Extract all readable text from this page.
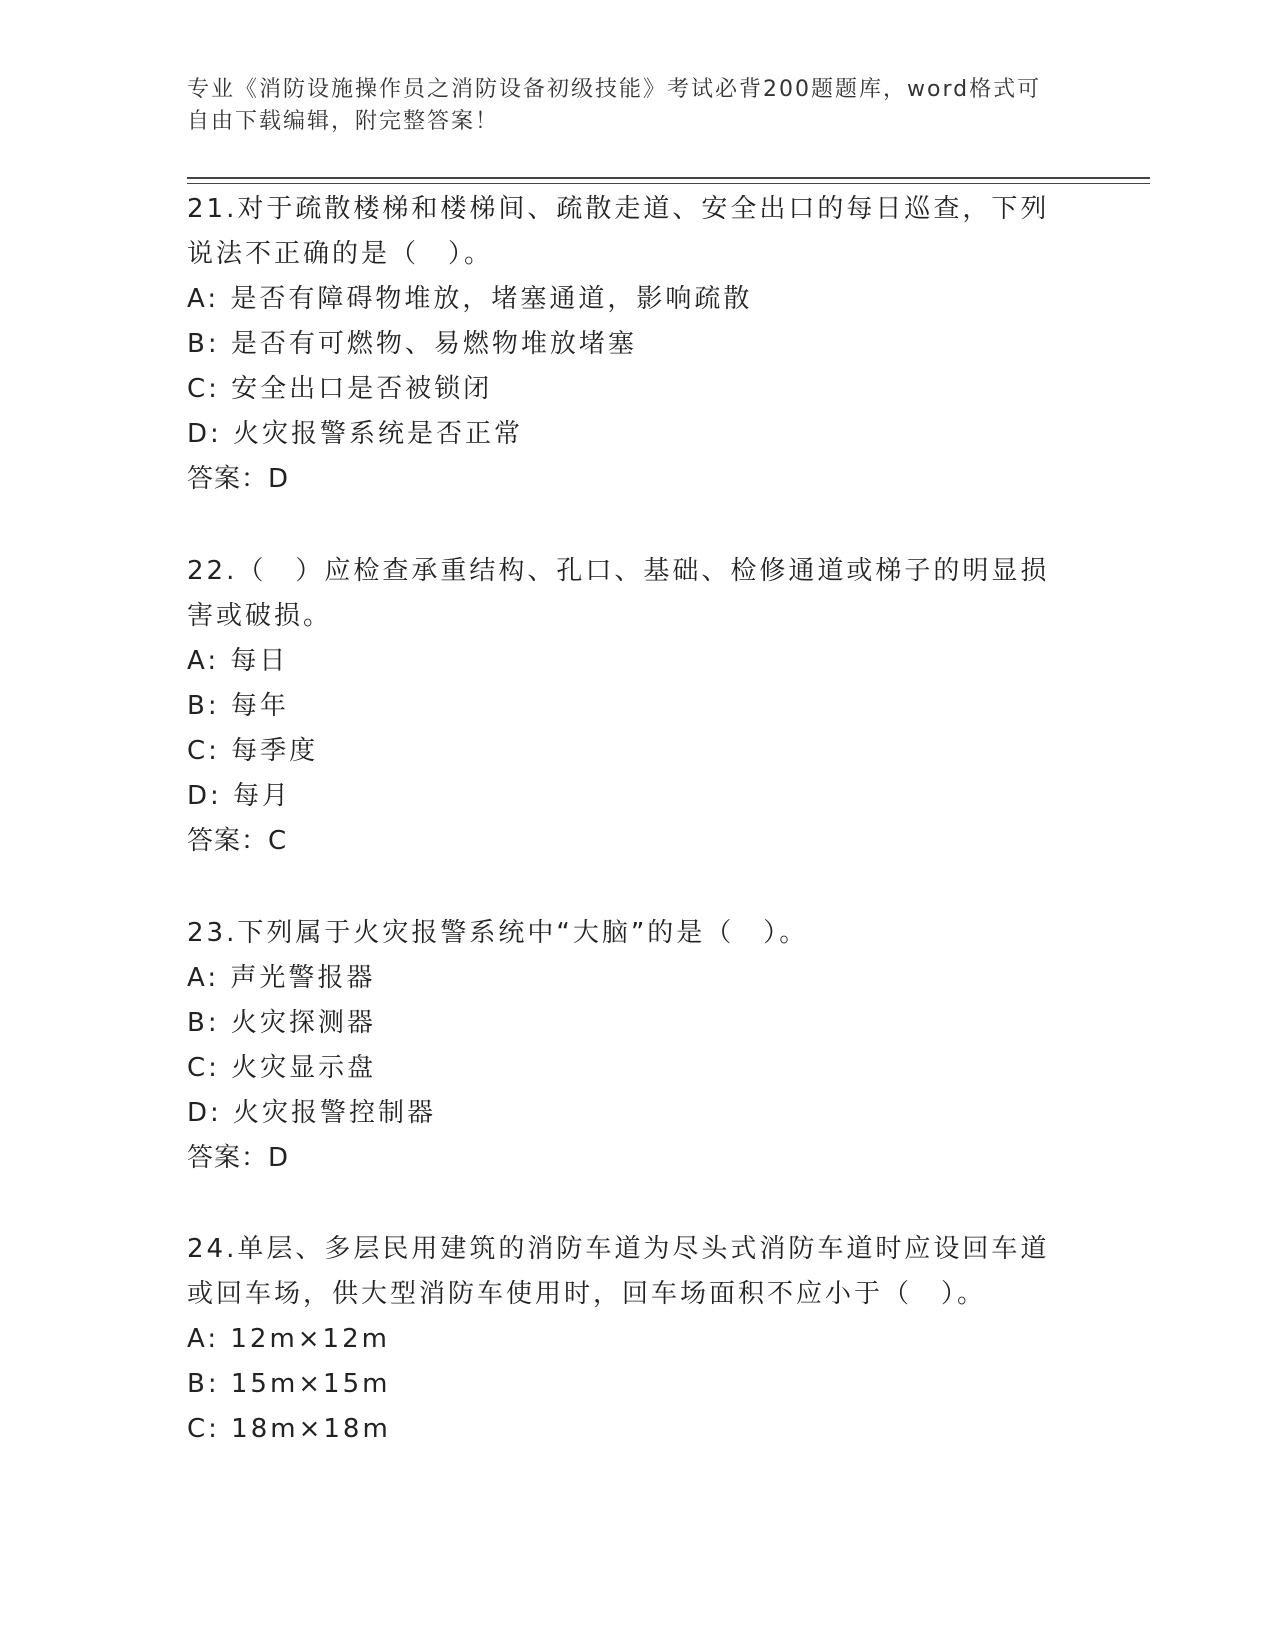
专业《消防设施操作员之消防设备初级技能》考试必背200题题库，word格式可
自由下载编辑，附完整答案！
21.对于疏散楼梯和楼梯间、疏散走道、安全出口的每日巡查，下列说法不正确的是（　）。
A: 是否有障碍物堆放，堵塞通道，影响疏散
B: 是否有可燃物、易燃物堆放堵塞
C: 安全出口是否被锁闭
D: 火灾报警系统是否正常
答案：D
22.（　）应检查承重结构、孔口、基础、检修通道或梯子的明显损害或破损。
A: 每日
B: 每年
C: 每季度
D: 每月
答案：C
23.下列属于火灾报警系统中“大脑”的是（　）。
A: 声光警报器
B: 火灾探测器
C: 火灾显示盘
D: 火灾报警控制器
答案：D
24.单层、多层民用建筑的消防车道为尽头式消防车道时应设回车道或回车场，供大型消防车使用时，回车场面积不应小于（　）。
A: 12m×12m
B: 15m×15m
C: 18m×18m
